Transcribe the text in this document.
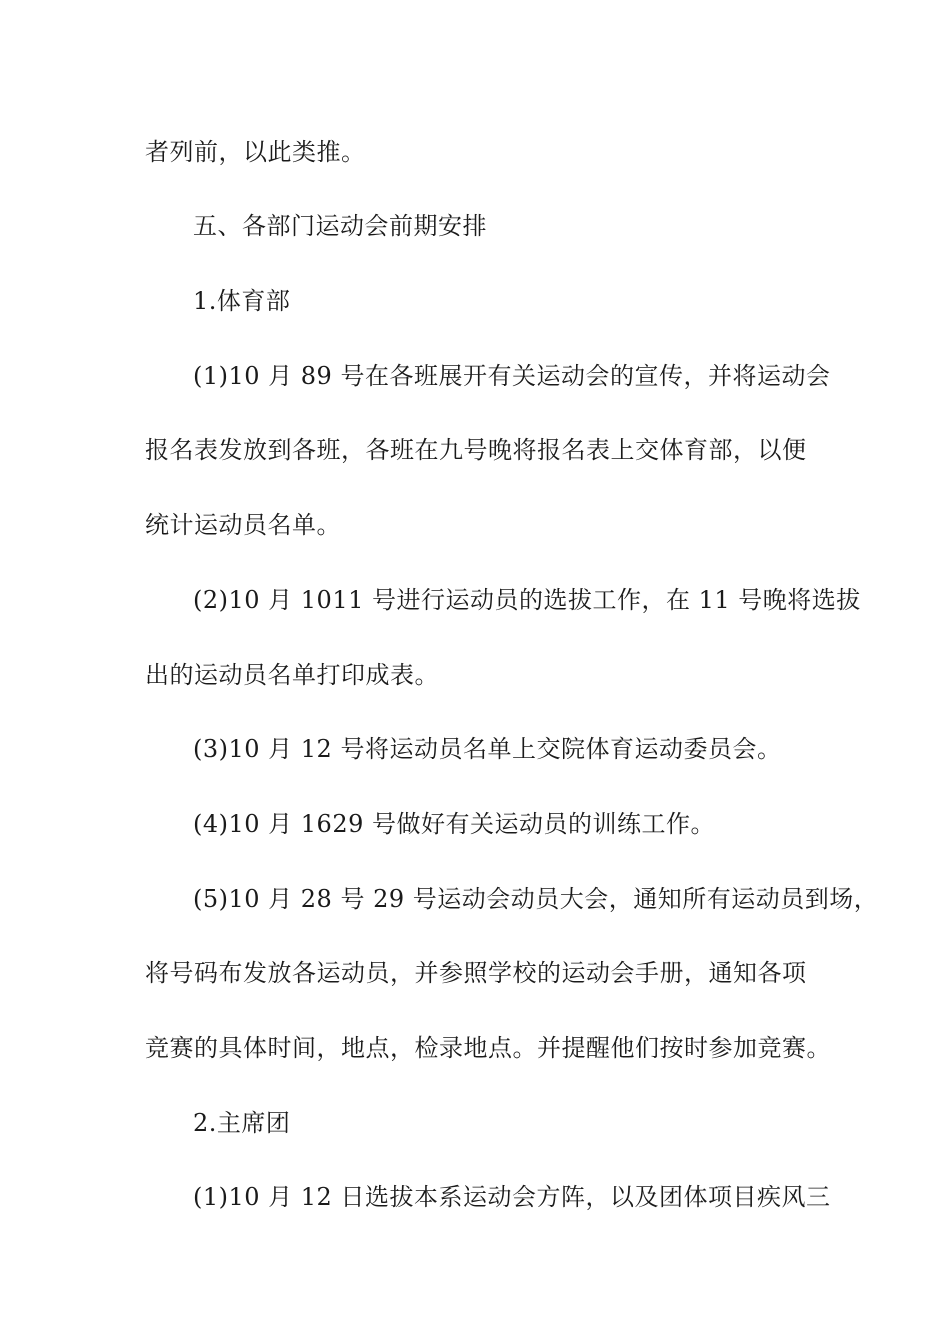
者列前，以此类推。
五、各部门运动会前期安排
1.体育部
(1)10 月 89 号在各班展开有关运动会的宣传，并将运动会
报名表发放到各班，各班在九号晚将报名表上交体育部，以便
统计运动员名单。
(2)10 月 1011 号进行运动员的选拔工作，在 11 号晚将选拔
出的运动员名单打印成表。
(3)10 月 12 号将运动员名单上交院体育运动委员会。
(4)10 月 1629 号做好有关运动员的训练工作。
(5)10 月 28 号 29 号运动会动员大会，通知所有运动员到场，
将号码布发放各运动员，并参照学校的运动会手册，通知各项
竞赛的具体时间，地点，检录地点。并提醒他们按时参加竞赛。
2.主席团
(1)10 月 12 日选拔本系运动会方阵，以及团体项目疾风三
